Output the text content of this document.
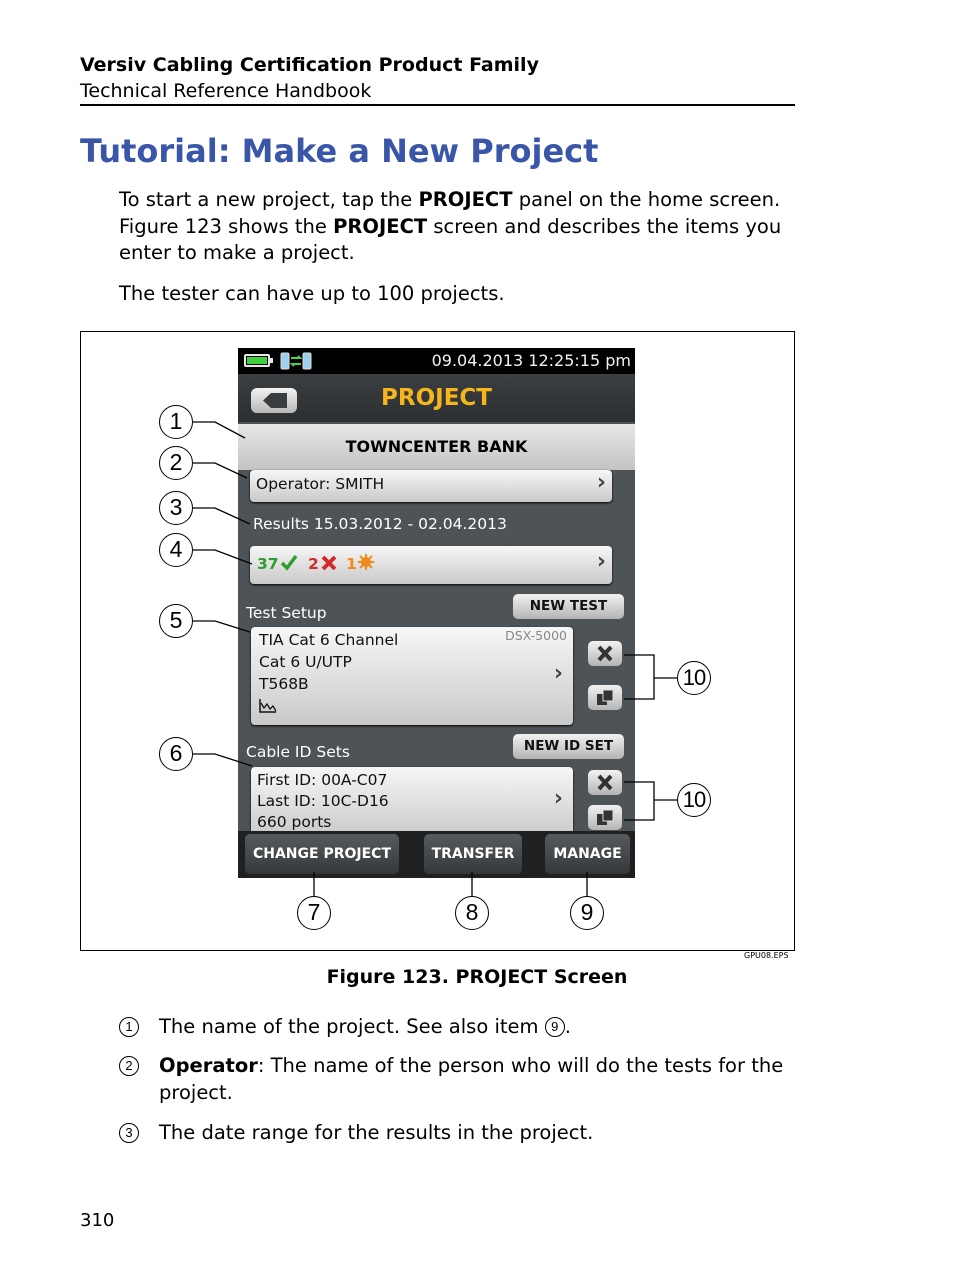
Versiv Cabling Certification Product Family
Technical Reference Handbook
Tutorial: Make a New Project
To start a new project, tap the PROJECT panel on the home screen. Figure 123 shows the PROJECT screen and describes the items you enter to make a project.
The tester can have up to 100 projects.
09.04.2013 12:25:15 pm
PROJECT
TOWNCENTER BANK
Operator: SMITH	›
Results 15.03.2012 - 02.04.2013
37 2 1	›
Test Setup	NEW TEST
TIA Cat 6 Channel
Cat 6 U/UTP
T568B
DSX-5000
›
Cable ID Sets	NEW ID SET
First ID: 00A-C07
Last ID: 10C-D16
660 ports
›
CHANGE PROJECT	TRANSFER	MANAGE
1
2
3
4
5
6
7	8	9
10
10
GPU08.EPS
Figure 123. PROJECT Screen
1	The name of the project. See also item 9 .
2	Operator: The name of the person who will do the tests for the project.
3	The date range for the results in the project.
310
